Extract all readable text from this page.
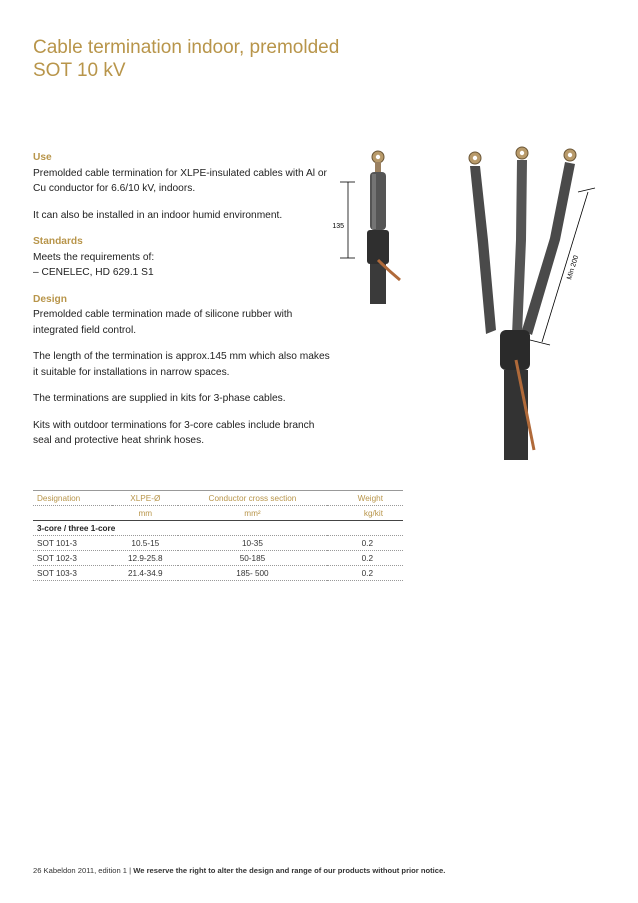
Cable termination indoor, premolded
SOT 10 kV
Use

Premolded cable termination for XLPE-insulated cables with Al or Cu conductor for 6.6/10 kV, indoors.

It can also be installed in an indoor humid environment.

Standards
Meets the requirements of:

– CENELEC, HD 629.1 S1

Design

Premolded cable termination made of silicone rubber with integrated field control.

The length of the termination is approx.145 mm which also makes it suitable for installations in narrow spaces.

The terminations are supplied in kits for 3-phase cables.

Kits with outdoor terminations for 3-core cables include branch seal and protective heat shrink hoses.

135
Min 200
Designation	XLPE-Ø	Conductor cross section	Weight
	mm	mm²	kg/kit
3-core / three 1-core			
SOT 101-3	10.5-15	10-35	0.2
SOT 102-3	12.9-25.8	50-185	0.2
SOT 103-3	21.4-34.9	185- 500	0.2
26 Kabeldon 2011, edition 1 | We reserve the right to alter the design and range of our products without prior notice.
